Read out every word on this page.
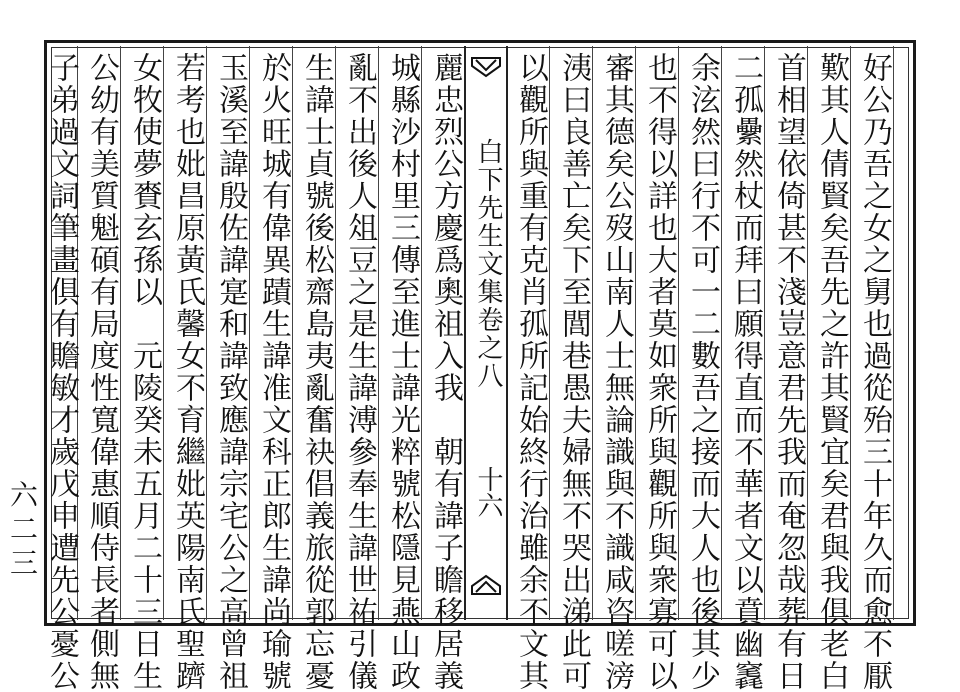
六二三	好公乃吾之女之舅也過從殆三十年久而愈不厭
歎其人倩賢矣吾先之許其賢宜矣君與我俱老白
首相望依倚甚不淺豈意君先我而奄忽哉葬有日
二孤纍然杖而拜曰願得直而不華者文以賁幽竁
余泫然曰行不可一二數吾之接而大人也後其少
也不得以詳也大者莫如衆所與觀所與衆寡可以
審其德矣公歿山南人士無論識與不識咸咨嗟滂
洟曰良善亡矣下至閭巷愚夫婦無不哭出涕此可
以觀所與重有克肖孤所記始終行治雖余不文其
白下先生文集卷之八
十六
麗忠烈公方慶爲奧祖入我　朝有諱子瞻移居義
城縣沙村里三傳至進士諱光粹號松隱見燕山政
亂不出後人俎豆之是生諱溥參奉生諱世祐引儀
生諱士貞號後松齋島夷亂奮袂倡義旅從郭忘憂
於火旺城有偉異蹟生諱准文科正郎生諱尚瑜號
玉溪至諱殷佐諱寔和諱致應諱宗宅公之高曾祖
若考也妣昌原黃氏馨女不育繼妣英陽南氏聖躋
女牧使夢賚玄孫以　元陵癸未五月二十三日生
公幼有美質魁碩有局度性寬偉惠順侍長者側無
子弟過文詞筆畫俱有贍敏才歲戊申遭先公憂公
